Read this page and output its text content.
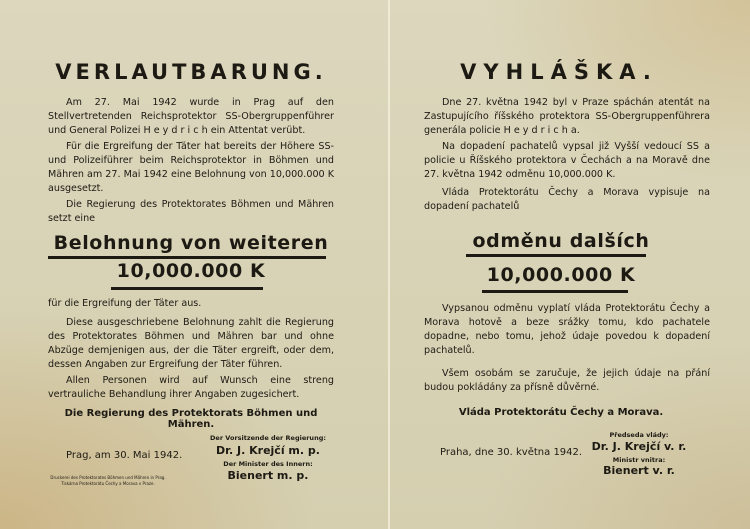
VERLAUTBARUNG.
Am 27. Mai 1942 wurde in Prag auf den Stellvertretenden Reichsprotektor SS-Obergruppenführer und General Polizei H e y d r i c h ein Attentat verübt.
Für die Ergreifung der Täter hat bereits der Höhere SS- und Polizeiführer beim Reichsprotektor in Böhmen und Mähren am 27. Mai 1942 eine Belohnung von 10,000.000 K ausgesetzt.
Die Regierung des Protektorates Böhmen und Mähren setzt eine
Belohnung von weiteren
10,000.000 K
für die Ergreifung der Täter aus.
Diese ausgeschriebene Belohnung zahlt die Regierung des Protektorates Böhmen und Mähren bar und ohne Abzüge demjenigen aus, der die Täter ergreift, oder dem, dessen Angaben zur Ergreifung der Täter führen.
Allen Personen wird auf Wunsch eine streng vertrauliche Behandlung ihrer Angaben zugesichert.
Die Regierung des Protektorats Böhmen und Mähren.
Prag, am 30. Mai 1942.
Der Vorsitzende der Regierung:
Dr. J. Krejčí m. p.
Der Minister des Innern:
Bienert m. p.
Druckerei des Protektorates Böhmen und Mähren in Prag.
Tiskárna Protektorátu Čechy a Morava v Praze.
VYHLÁŠKA.
Dne 27. května 1942 byl v Praze spáchán atentát na Zastupujícího říšského protektora SS-Obergruppenführera generála policie H e y d r i c h a.
Na dopadení pachatelů vypsal již Vyšší vedoucí SS a policie u Říšského protektora v Čechách a na Moravě dne 27. května 1942 odměnu 10,000.000 K.
Vláda Protektorátu Čechy a Morava vypisuje na dopadení pachatelů
odměnu dalších
10,000.000 K
Vypsanou odměnu vyplatí vláda Protektorátu Čechy a Morava hotově a beze srážky tomu, kdo pachatele dopadne, nebo tomu, jehož údaje povedou k dopadení pachatelů.
Všem osobám se zaručuje, že jejich údaje na přání budou pokládány za přísně důvěrné.
Vláda Protektorátu Čechy a Morava.
Praha, dne 30. května 1942.
Předseda vlády:
Dr. J. Krejčí v. r.
Ministr vnitra:
Bienert v. r.
